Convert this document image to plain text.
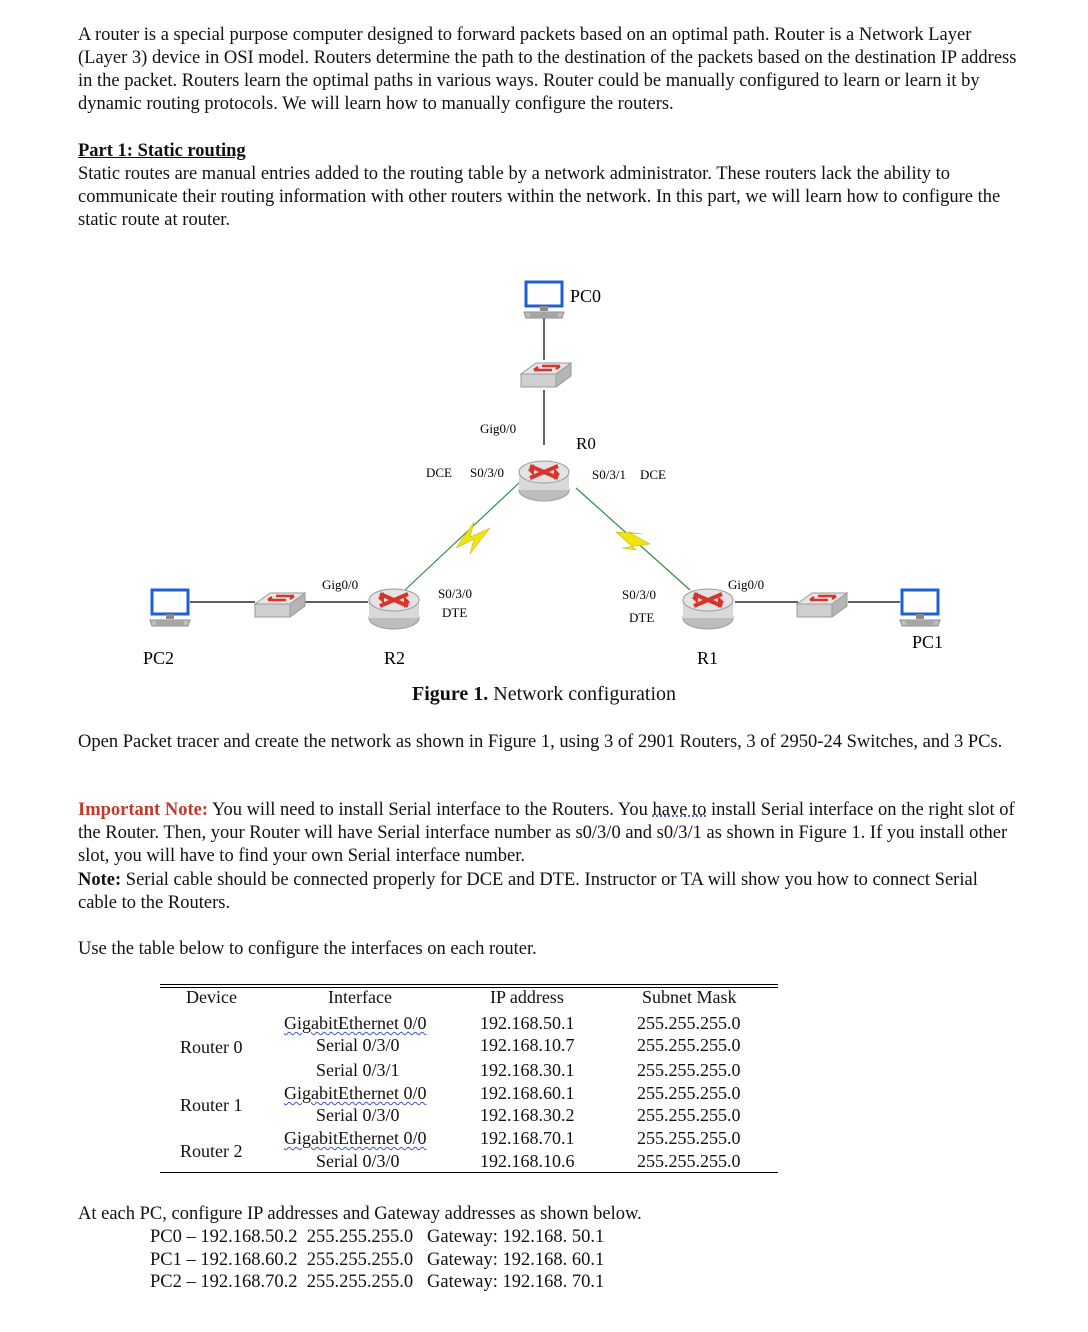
A router is a special purpose computer designed to forward packets based on an optimal path. Router is a Network Layer (Layer 3) device in OSI model. Routers determine the path to the destination of the packets based on the destination IP address in the packet. Routers learn the optimal paths in various ways. Router could be manually configured to learn or learn it by dynamic routing protocols. We will learn how to manually configure the routers.

Part 1: Static routing

Static routes are manual entries added to the routing table by a network administrator. These routers lack the ability to communicate their routing information with other routers within the network. In this part, we will learn how to configure the static route at router.

PC0
Gig0/0
R0
DCE S0/3/0	S0/3/1 DCE
Gig0/0
S0/3/0
DTE
S0/3/0
DTE
Gig0/0
PC1
PC2	R2	R1

Figure 1. Network configuration

Open Packet tracer and create the network as shown in Figure 1, using 3 of 2901 Routers, 3 of 2950-24 Switches, and 3 PCs.

Important Note: You will need to install Serial interface to the Routers. You have to install Serial interface on the right slot of the Router. Then, your Router will have Serial interface number as s0/3/0 and s0/3/1 as shown in Figure 1. If you install other slot, you will have to find your own Serial interface number.

Note: Serial cable should be connected properly for DCE and DTE. Instructor or TA will show you how to connect Serial cable to the Routers.

Use the table below to configure the interfaces on each router.

Device	Interface	IP address	Subnet Mask
Router 0
GigabitEthernet 0/0	192.168.50.1	255.255.255.0
Serial 0/3/0	192.168.10.7	255.255.255.0
Serial 0/3/1	192.168.30.1	255.255.255.0
Router 1
GigabitEthernet 0/0	192.168.60.1	255.255.255.0
Serial 0/3/0	192.168.30.2	255.255.255.0
Router 2
GigabitEthernet 0/0	192.168.70.1	255.255.255.0
Serial 0/3/0	192.168.10.6	255.255.255.0

At each PC, configure IP addresses and Gateway addresses as shown below.

PC0 – 192.168.50.2  255.255.255.0   Gateway: 192.168. 50.1

PC1 – 192.168.60.2  255.255.255.0   Gateway: 192.168. 60.1

PC2 – 192.168.70.2  255.255.255.0   Gateway: 192.168. 70.1
